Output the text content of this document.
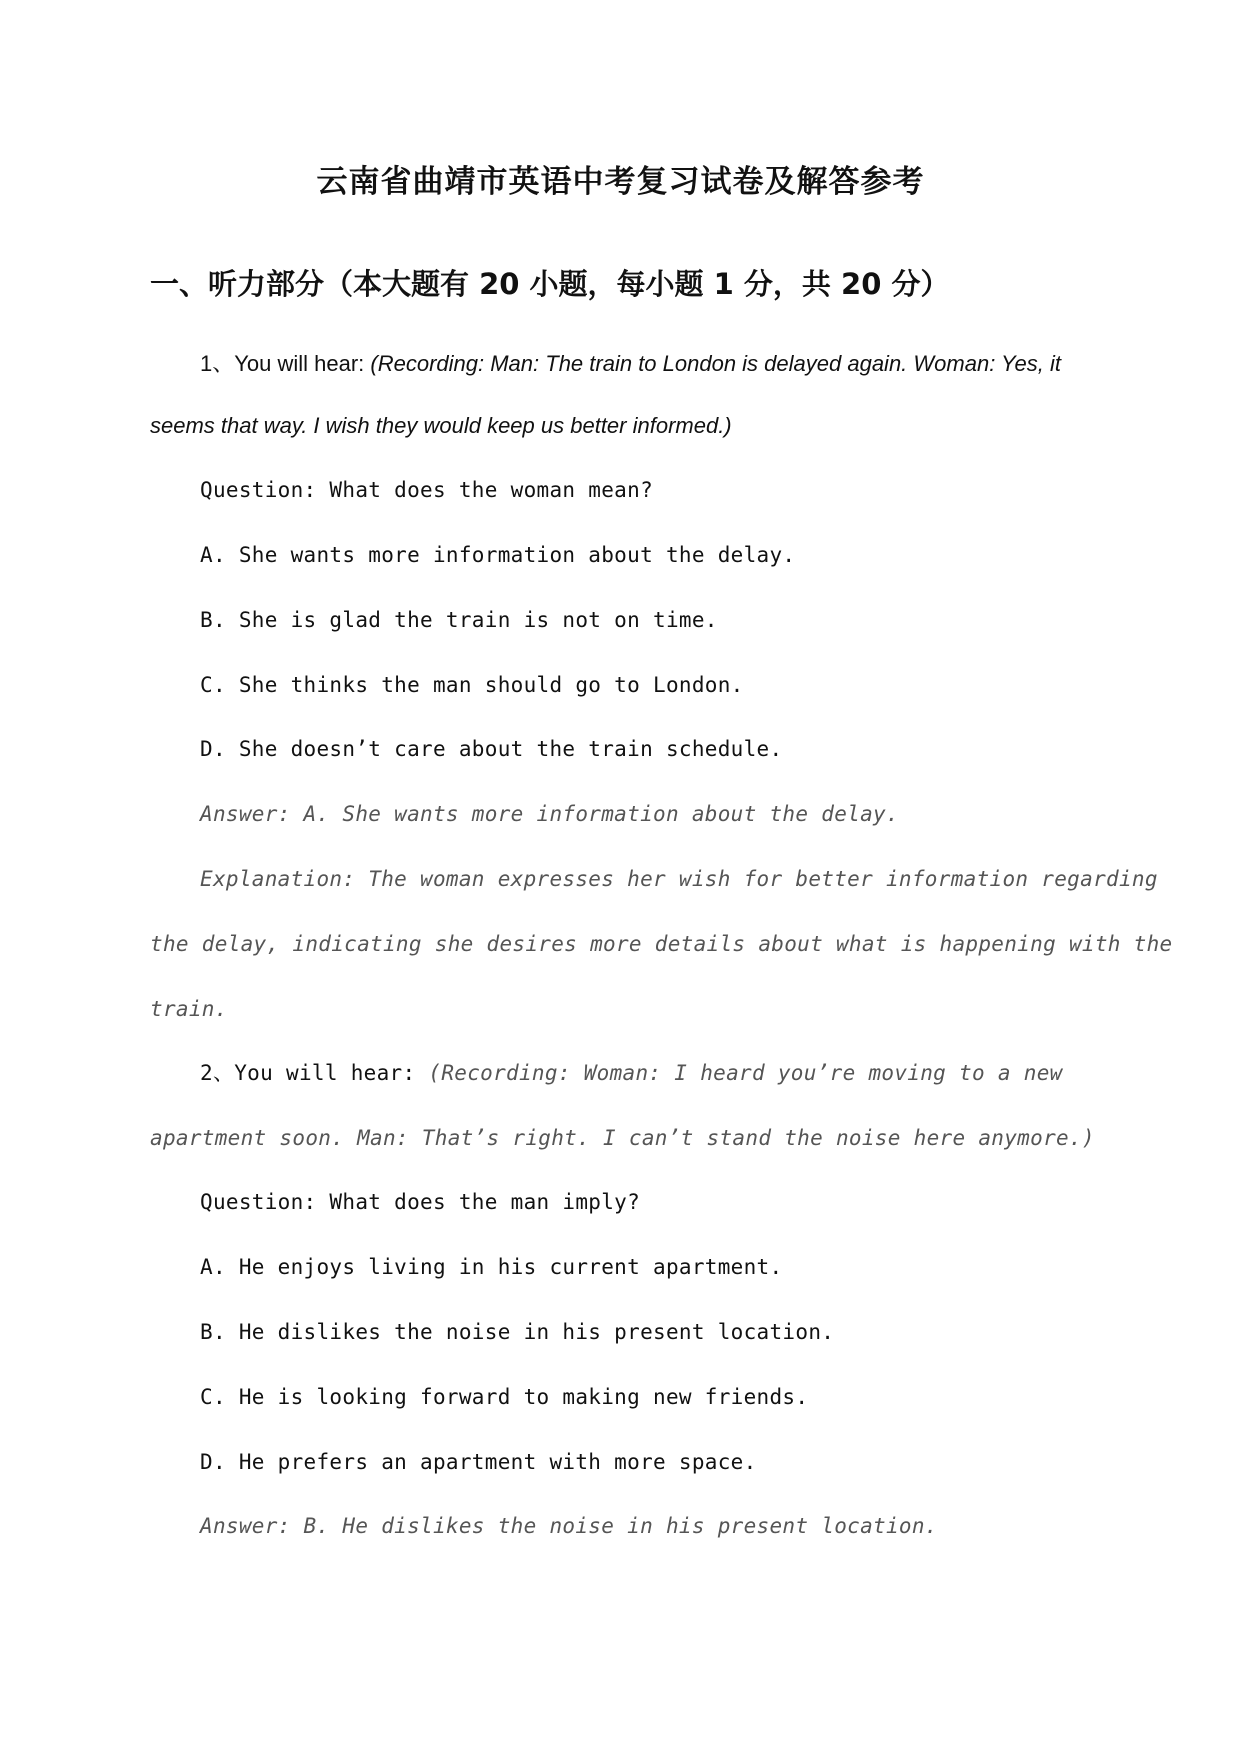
云南省曲靖市英语中考复习试卷及解答参考
一、听力部分（本大题有 20 小题，每小题 1 分，共 20 分）
1、You will hear: (Recording: Man: The train to London is delayed again. Woman: Yes, it
seems that way. I wish they would keep us better informed.)
Question: What does the woman mean?
A. She wants more information about the delay.
B. She is glad the train is not on time.
C. She thinks the man should go to London.
D. She doesn’t care about the train schedule.
Answer: A. She wants more information about the delay.
Explanation: The woman expresses her wish for better information regarding
the delay, indicating she desires more details about what is happening with the
train.
2、You will hear: (Recording: Woman: I heard you’re moving to a new
apartment soon. Man: That’s right. I can’t stand the noise here anymore.)
Question: What does the man imply?
A. He enjoys living in his current apartment.
B. He dislikes the noise in his present location.
C. He is looking forward to making new friends.
D. He prefers an apartment with more space.
Answer: B. He dislikes the noise in his present location.
